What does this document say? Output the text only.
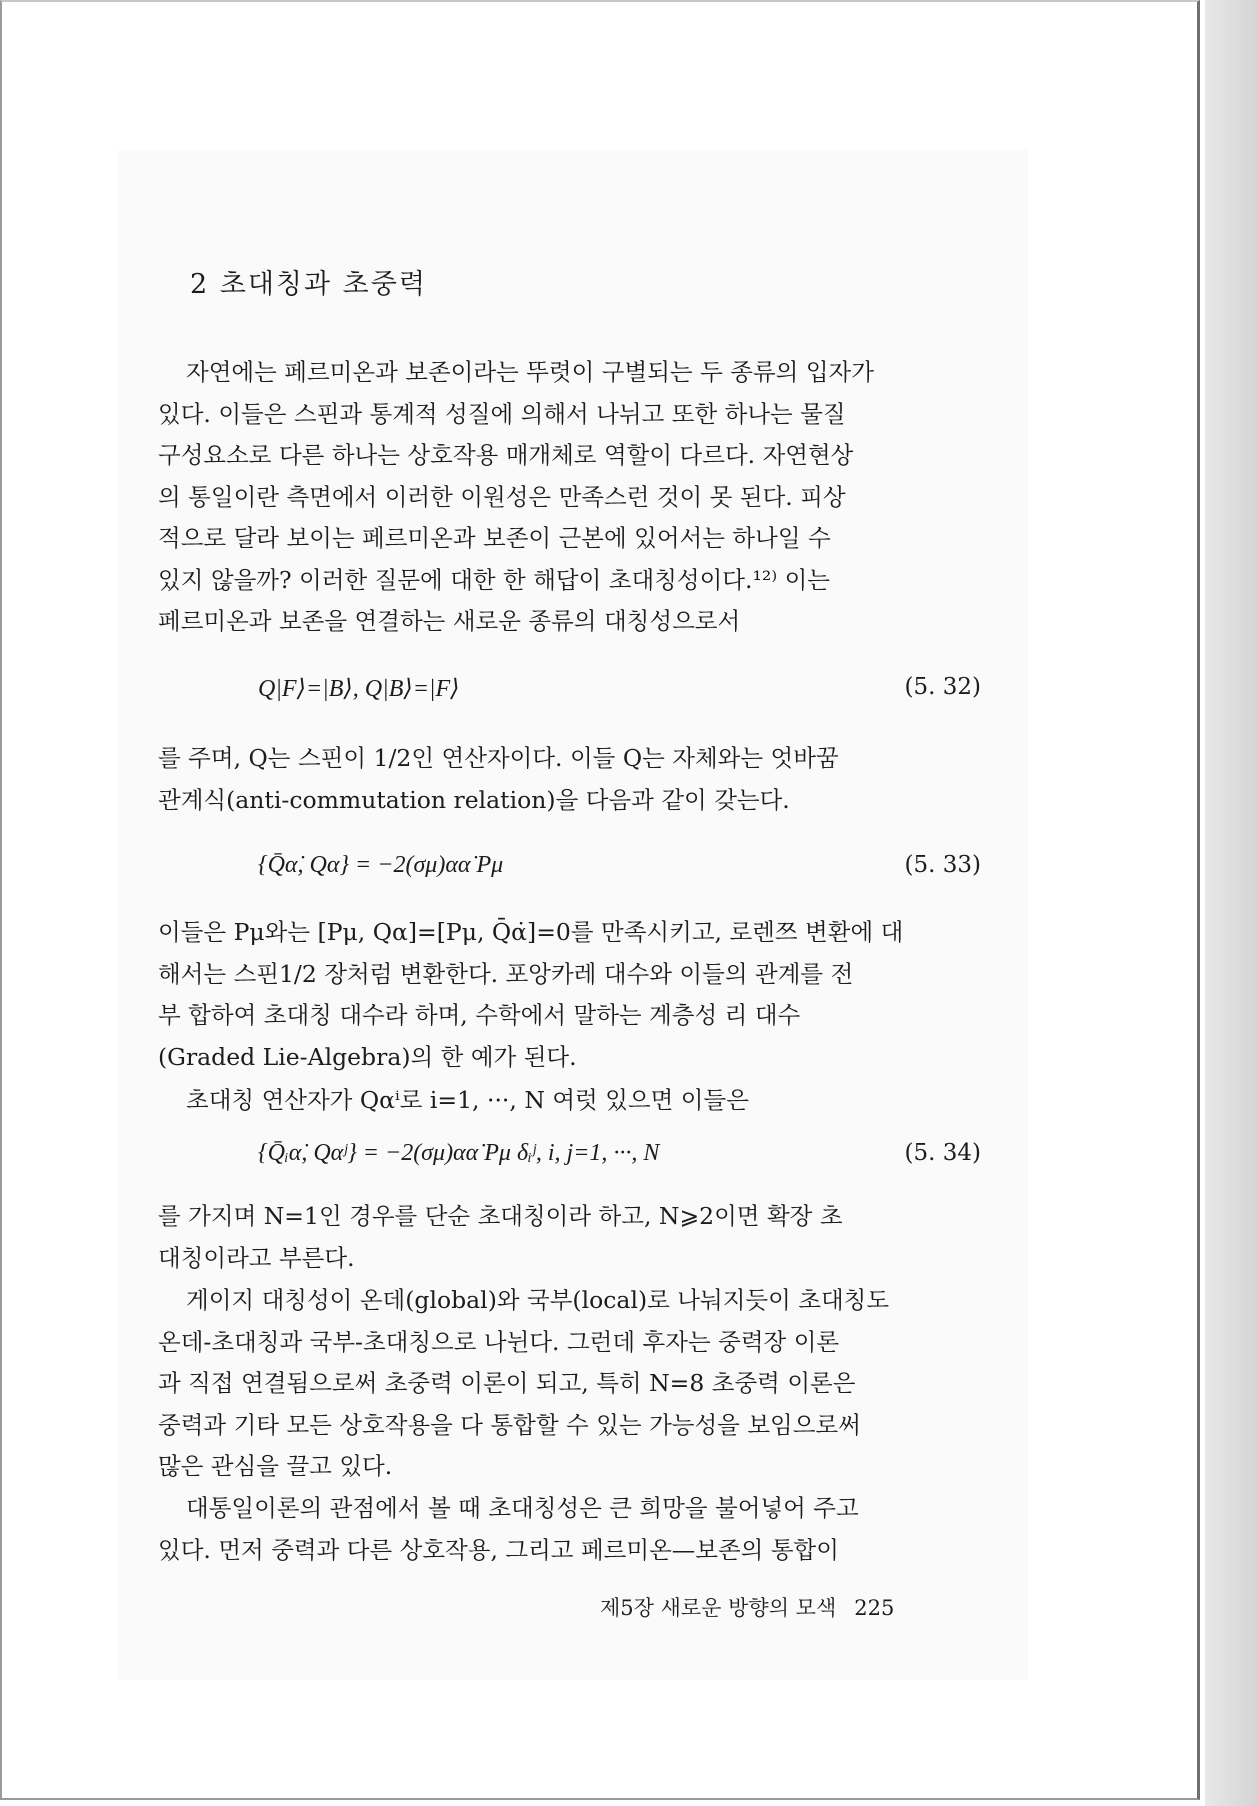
2 초대칭과 초중력

자연에는 페르미온과 보존이라는 뚜렷이 구별되는 두 종류의 입자가
있다. 이들은 스핀과 통계적 성질에 의해서 나뉘고 또한 하나는 물질
구성요소로 다른 하나는 상호작용 매개체로 역할이 다르다. 자연현상
의 통일이란 측면에서 이러한 이원성은 만족스런 것이 못 된다. 피상
적으로 달라 보이는 페르미온과 보존이 근본에 있어서는 하나일 수
있지 않을까? 이러한 질문에 대한 한 해답이 초대칭성이다.¹²⁾ 이는
페르미온과 보존을 연결하는 새로운 종류의 대칭성으로서

Q|F⟩=|B⟩, Q|B⟩=|F⟩	(5. 32)

를 주며, Q는 스핀이 1/2인 연산자이다. 이들 Q는 자체와는 엇바꿈
관계식(anti-commutation relation)을 다음과 같이 갖는다.

{Q̄α̇, Qα} = −2(σμ)αα̇ Pμ	(5. 33)

이들은 Pμ와는 [Pμ, Qα]=[Pμ, Q̄α̇]=0를 만족시키고, 로렌쯔 변환에 대
해서는 스핀1/2 장처럼 변환한다. 포앙카레 대수와 이들의 관계를 전
부 합하여 초대칭 대수라 하며, 수학에서 말하는 계층성 리 대수
(Graded Lie-Algebra)의 한 예가 된다.

초대칭 연산자가 Qαⁱ로 i=1, ···, N 여럿 있으면 이들은

{Q̄ᵢα̇, Qαʲ} = −2(σμ)αα̇ Pμ δᵢʲ, i, j=1, ···, N	(5. 34)

를 가지며 N=1인 경우를 단순 초대칭이라 하고, N⩾2이면 확장 초
대칭이라고 부른다.

게이지 대칭성이 온데(global)와 국부(local)로 나눠지듯이 초대칭도
온데-초대칭과 국부-초대칭으로 나뉜다. 그런데 후자는 중력장 이론
과 직접 연결됨으로써 초중력 이론이 되고, 특히 N=8 초중력 이론은
중력과 기타 모든 상호작용을 다 통합할 수 있는 가능성을 보임으로써
많은 관심을 끌고 있다.

대통일이론의 관점에서 볼 때 초대칭성은 큰 희망을 불어넣어 주고
있다. 먼저 중력과 다른 상호작용, 그리고 페르미온—보존의 통합이

제5장 새로운 방향의 모색 225
